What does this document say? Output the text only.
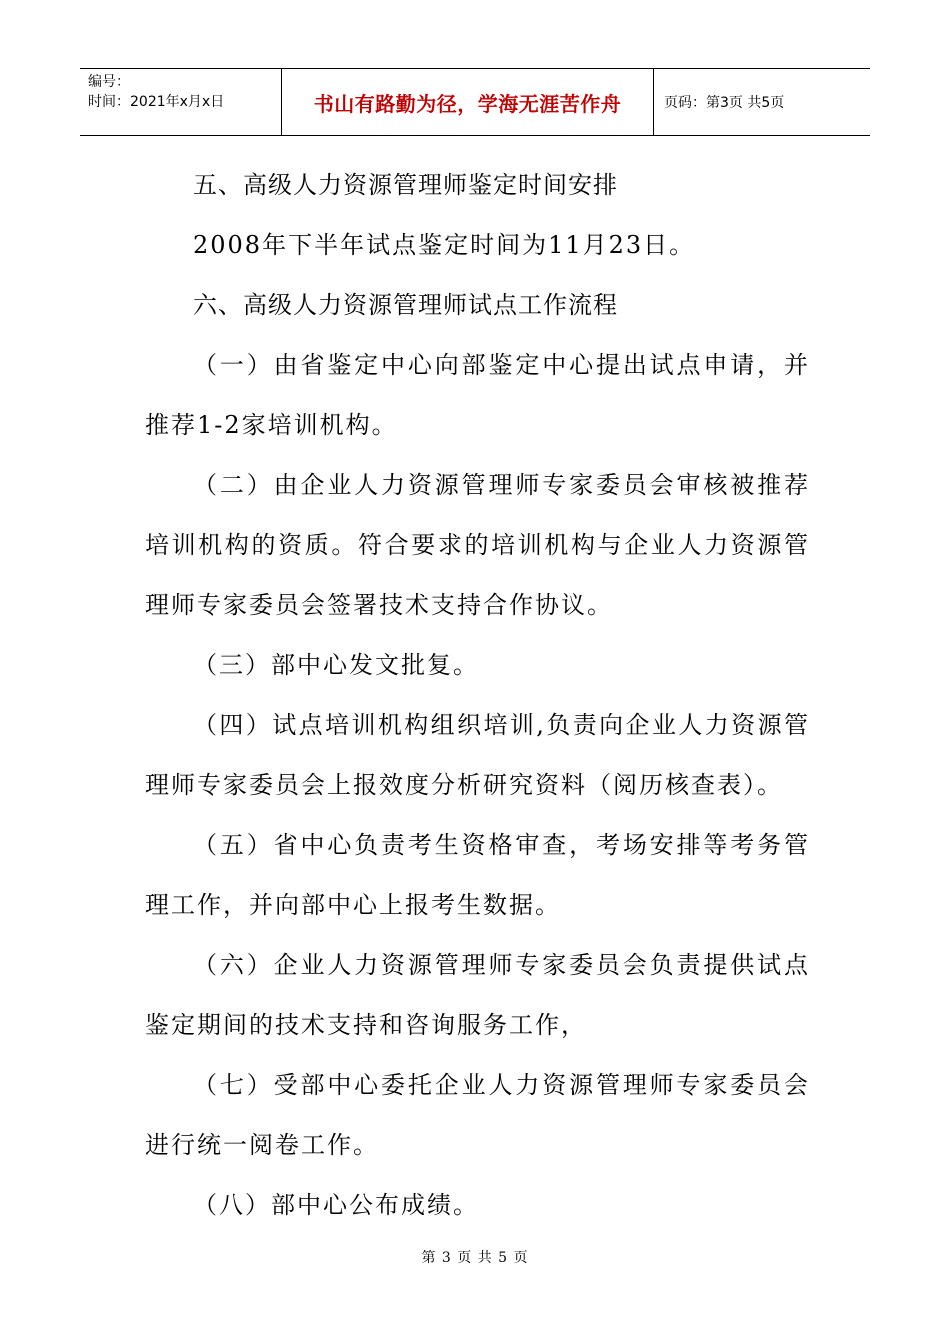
编号：
时间：2021年x月x日	书山有路勤为径，学海无涯苦作舟	页码：第3页 共5页

五、高级人力资源管理师鉴定时间安排

2008年下半年试点鉴定时间为11月23日。

六、高级人力资源管理师试点工作流程

（一）由省鉴定中心向部鉴定中心提出试点申请，并推荐1-2家培训机构。

（二）由企业人力资源管理师专家委员会审核被推荐培训机构的资质。符合要求的培训机构与企业人力资源管理师专家委员会签署技术支持合作协议。

（三）部中心发文批复。

（四）试点培训机构组织培训,负责向企业人力资源管理师专家委员会上报效度分析研究资料（阅历核查表）。

（五）省中心负责考生资格审查，考场安排等考务管理工作，并向部中心上报考生数据。

（六）企业人力资源管理师专家委员会负责提供试点鉴定期间的技术支持和咨询服务工作，

（七）受部中心委托企业人力资源管理师专家委员会进行统一阅卷工作。

（八）部中心公布成绩。

第 3 页 共 5 页
